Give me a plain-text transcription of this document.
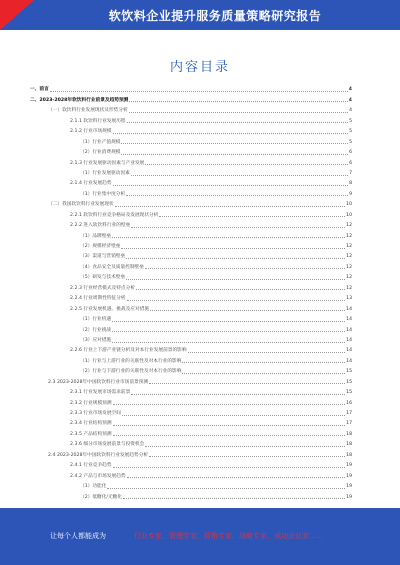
软饮料企业提升服务质量策略研究报告
内容目录
一、前言	4
二、2023-2028年软饮料行业前景及趋势预测	4
（一）软饮料行业发展现状及形势分析	4
2.1.1 软饮料行业发展历程	5
2.1.2 行业市场规模	5
（1）行业产值规模	5
（2）行业消费规模	6
2.1.3 行业发展驱动因素与产业发展	6
（1）行业发展驱动因素	7
2.1.4 行业发展趋势	8
（1）行业集中度分析	9
（二）我国软饮料行业发展现状	10
2.2.1 软饮料行业竞争格局及发展现状分析	10
2.2.2 进入软饮料行业的壁垒	12
（1）品牌壁垒	12
（2）规模经济壁垒	12
（3）渠道与营销壁垒	12
（4）食品安全及质量控制壁垒	12
（5）研发与技术壁垒	12
2.2.3 行业经营模式及特点分析	12
2.2.4 行业周期性特征分析	13
2.2.5 行业发展机遇、挑战及应对措施	14
（1）行业机遇	14
（2）行业挑战	14
（3）应对措施	14
2.2.6 行业上下游产业链分析及对本行业发展前景的影响	14
（1）行业与上游行业的关联性及对本行业的影响	14
（2）行业与下游行业的关联性及对本行业的影响	15
2.3 2023-2028年中国软饮料行业市场前景预测	15
2.3.1 行业发展市场需求前景	15
2.3.2 行业规模预测	16
2.3.3 行业市场发展空间	17
2.3.4 行业结构预测	17
2.3.5 产品结构预测	18
2.3.6 细分市场发展前景与投资机会	18
2.4 2023-2028年中国软饮料行业发展趋势分析	18
2.4.1 行业竞争趋势	19
2.4.2 产品与市场发展趋势	19
（1）功能化	19
（2）低糖化/无糖化	19
让每个人都能成为	行业专家、管理专家、营销专家、战略专家、成功企业家……
